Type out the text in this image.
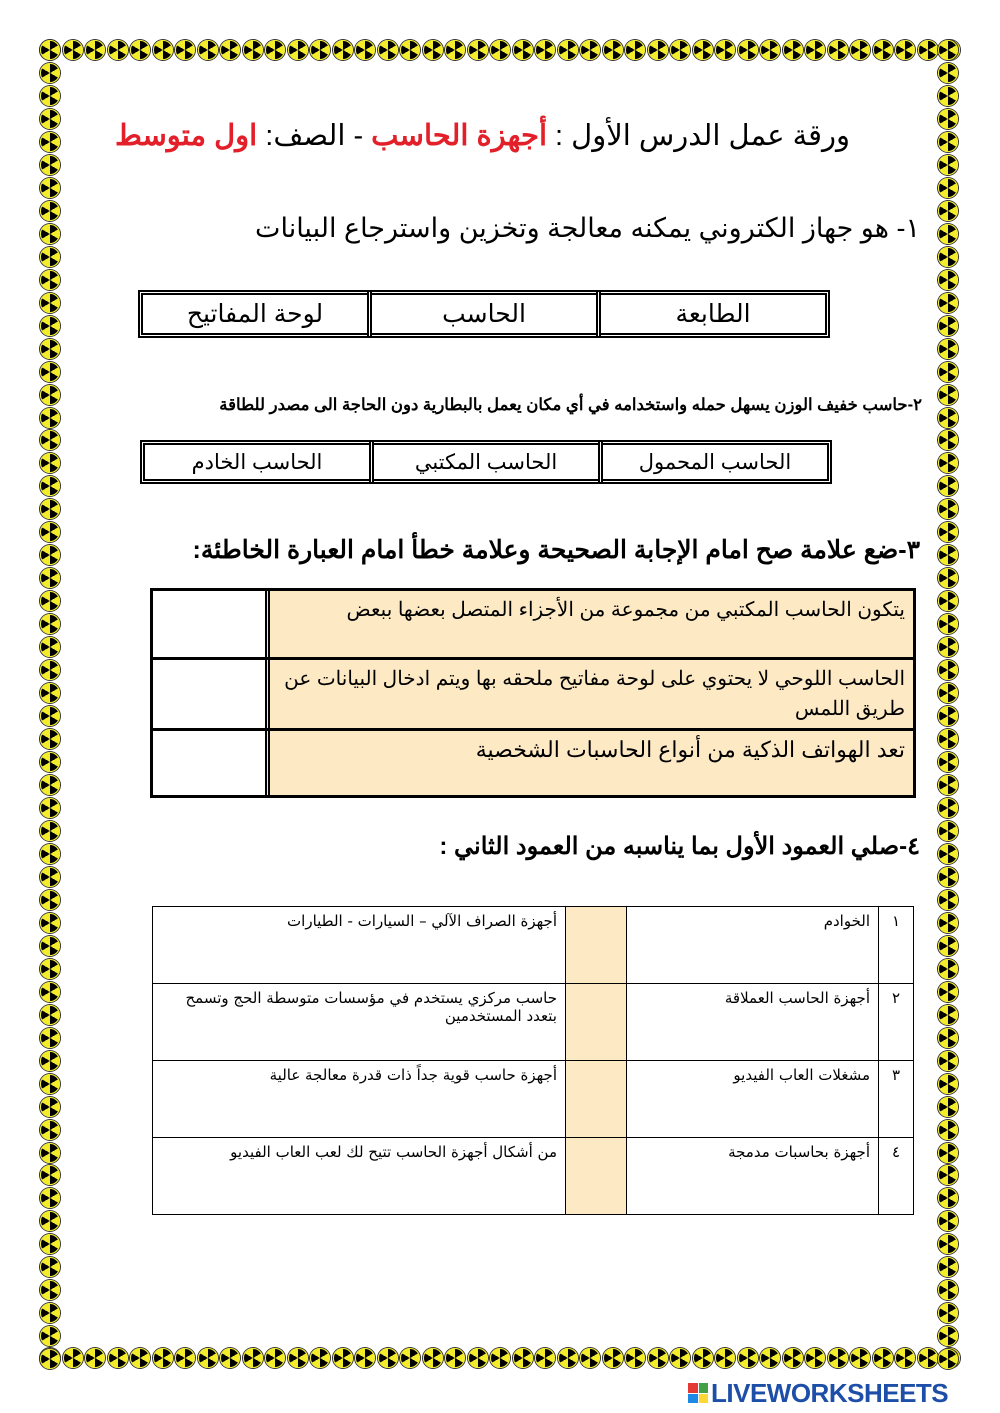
ورقة عمل الدرس الأول : أجهزة الحاسب - الصف: اول متوسط
١- هو جهاز الكتروني يمكنه معالجة وتخزين واسترجاع البيانات
الطابعة
الحاسب
لوحة المفاتيح
٢-حاسب خفيف الوزن يسهل حمله واستخدامه في أي مكان يعمل بالبطارية دون الحاجة الى مصدر للطاقة
الحاسب المحمول
الحاسب المكتبي
الحاسب الخادم
٣-ضع علامة صح امام الإجابة الصحيحة وعلامة خطأ امام العبارة الخاطئة:
يتكون الحاسب المكتبي من مجموعة من الأجزاء المتصل بعضها ببعض
الحاسب اللوحي لا يحتوي على لوحة مفاتيح ملحقه بها ويتم ادخال البيانات عن طريق اللمس
تعد الهواتف الذكية من أنواع الحاسبات الشخصية
٤-صلي العمود الأول بما يناسبه من العمود الثاني :
١	الخوادم		أجهزة الصراف الآلي – السيارات - الطيارات
٢	أجهزة الحاسب العملاقة		حاسب مركزي يستخدم في مؤسسات متوسطة الحج وتسمح بتعدد المستخدمين
٣	مشغلات العاب الفيديو		أجهزة حاسب قوية جداً ذات قدرة معالجة عالية
٤	أجهزة بحاسبات مدمجة		من أشكال أجهزة الحاسب تتيح لك لعب العاب الفيديو
LIVEWORKSHEETS
